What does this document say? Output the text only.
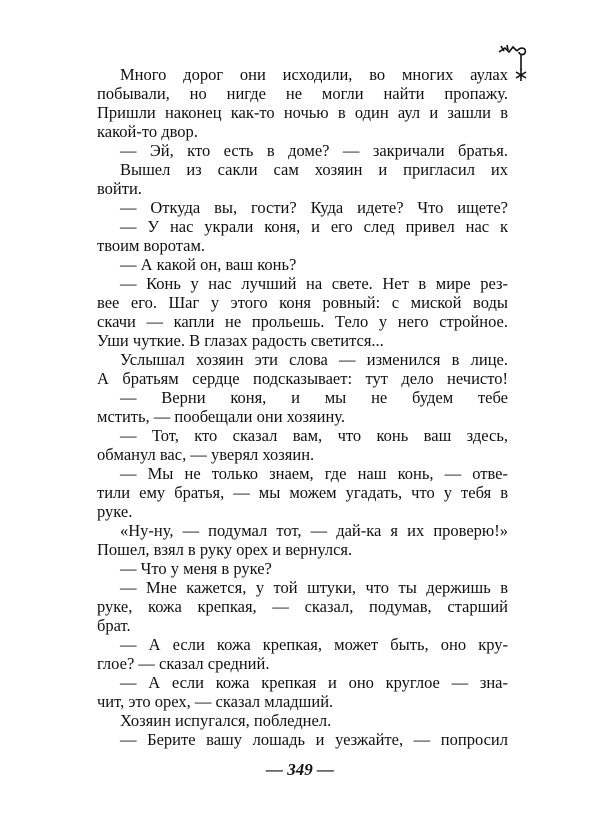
Много дорог они исходили, во многих аулах
побывали, но нигде не могли найти пропажу.
Пришли наконец как-то ночью в один аул и зашли в
какой-то двор.
— Эй, кто есть в доме? — закричали братья.
Вышел из сакли сам хозяин и пригласил их
войти.
— Откуда вы, гости? Куда идете? Что ищете?
— У нас украли коня, и его след привел нас к
твоим воротам.
— А какой он, ваш конь?
— Конь у нас лучший на свете. Нет в мире рез-
вее его. Шаг у этого коня ровный: с миской воды
скачи — капли не прольешь. Тело у него стройное.
Уши чуткие. В глазах радость светится...
Услышал хозяин эти слова — изменился в лице.
А братьям сердце подсказывает: тут дело нечисто!
— Верни коня, и мы не будем тебе
мстить, — пообещали они хозяину.
— Тот, кто сказал вам, что конь ваш здесь,
обманул вас, — уверял хозяин.
— Мы не только знаем, где наш конь, — отве-
тили ему братья, — мы можем угадать, что у тебя в
руке.
«Ну-ну, — подумал тот, — дай-ка я их проверю!»
Пошел, взял в руку орех и вернулся.
— Что у меня в руке?
— Мне кажется, у той штуки, что ты держишь в
руке, кожа крепкая, — сказал, подумав, старший
брат.
— А если кожа крепкая, может быть, оно кру-
глое? — сказал средний.
— А если кожа крепкая и оно круглое — зна-
чит, это орех, — сказал младший.
Хозяин испугался, побледнел.
— Берите вашу лошадь и уезжайте, — попросил
— 349 —
